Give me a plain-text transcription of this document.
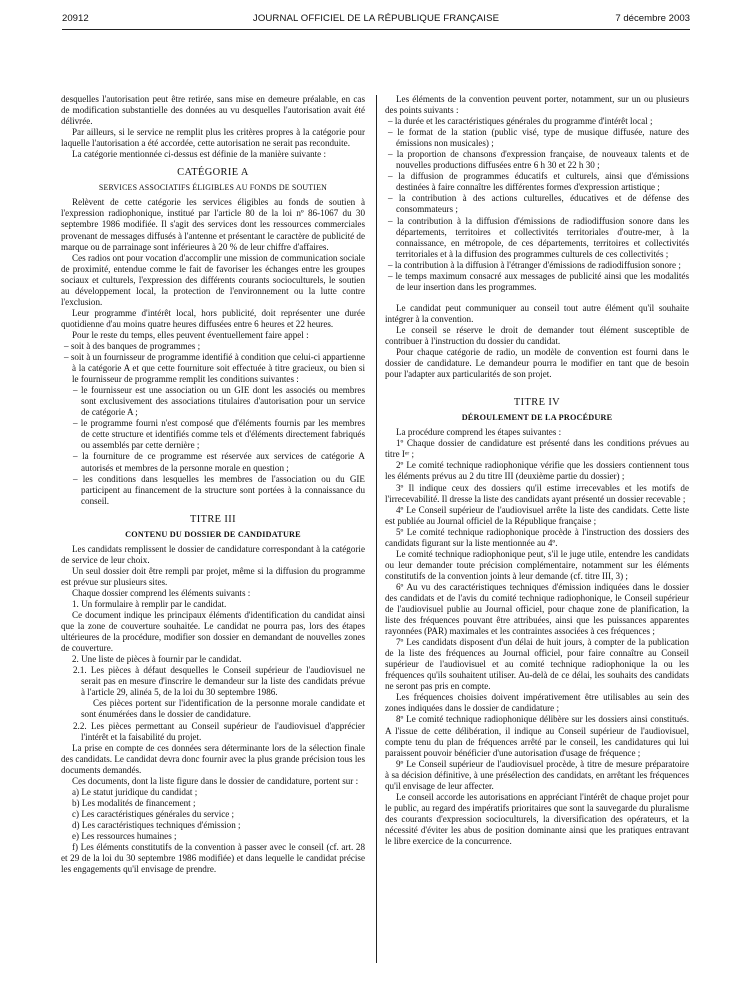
JOURNAL OFFICIEL DE LA RÉPUBLIQUE FRANÇAISE
20912	7 décembre 2003

desquelles l'autorisation peut être retirée, sans mise en demeure préalable, en cas de modification substantielle des données au vu desquelles l'autorisation avait été délivrée.

Par ailleurs, si le service ne remplit plus les critères propres à la catégorie pour laquelle l'autorisation a été accordée, cette autorisation ne serait pas reconduite.

La catégorie mentionnée ci-dessus est définie de la manière suivante :

CATÉGORIE A
SERVICES ASSOCIATIFS ÉLIGIBLES AU FONDS DE SOUTIEN

Relèvent de cette catégorie les services éligibles au fonds de soutien à l'expression radiophonique, institué par l'article 80 de la loi nº 86-1067 du 30 septembre 1986 modifiée. Il s'agit des services dont les ressources commerciales provenant de messages diffusés à l'antenne et présentant le caractère de publicité de marque ou de parrainage sont inférieures à 20 % de leur chiffre d'affaires.

Ces radios ont pour vocation d'accomplir une mission de communication sociale de proximité, entendue comme le fait de favoriser les échanges entre les groupes sociaux et culturels, l'expression des différents courants socioculturels, le soutien au développement local, la protection de l'environnement ou la lutte contre l'exclusion.

Leur programme d'intérêt local, hors publicité, doit représenter une durée quotidienne d'au moins quatre heures diffusées entre 6 heures et 22 heures.

Pour le reste du temps, elles peuvent éventuellement faire appel :

– soit à des banques de programmes ;

– soit à un fournisseur de programme identifié à condition que celui-ci appartienne à la catégorie A et que cette fourniture soit effectuée à titre gracieux, ou bien si le fournisseur de programme remplit les conditions suivantes :

– le fournisseur est une association ou un GIE dont les associés ou membres sont exclusivement des associations titulaires d'autorisation pour un service de catégorie A ;

– le programme fourni n'est composé que d'éléments fournis par les membres de cette structure et identifiés comme tels et d'éléments directement fabriqués ou assemblés par cette dernière ;

– la fourniture de ce programme est réservée aux services de catégorie A autorisés et membres de la personne morale en question ;

– les conditions dans lesquelles les membres de l'association ou du GIE participent au financement de la structure sont portées à la connaissance du conseil.

TITRE III
CONTENU DU DOSSIER DE CANDIDATURE

Les candidats remplissent le dossier de candidature correspondant à la catégorie de service de leur choix.

Un seul dossier doit être rempli par projet, même si la diffusion du programme est prévue sur plusieurs sites.

Chaque dossier comprend les éléments suivants :

1. Un formulaire à remplir par le candidat.

Ce document indique les principaux éléments d'identification du candidat ainsi que la zone de couverture souhaitée. Le candidat ne pourra pas, lors des étapes ultérieures de la procédure, modifier son dossier en demandant de nouvelles zones de couverture.

2. Une liste de pièces à fournir par le candidat.

2.1. Les pièces à défaut desquelles le Conseil supérieur de l'audiovisuel ne serait pas en mesure d'inscrire le demandeur sur la liste des candidats prévue à l'article 29, alinéa 5, de la loi du 30 septembre 1986.

Ces pièces portent sur l'identification de la personne morale candidate et sont énumérées dans le dossier de candidature.

2.2. Les pièces permettant au Conseil supérieur de l'audiovisuel d'apprécier l'intérêt et la faisabilité du projet.

La prise en compte de ces données sera déterminante lors de la sélection finale des candidats. Le candidat devra donc fournir avec la plus grande précision tous les documents demandés.

Ces documents, dont la liste figure dans le dossier de candidature, portent sur :

a) Le statut juridique du candidat ;

b) Les modalités de financement ;

c) Les caractéristiques générales du service ;

d) Les caractéristiques techniques d'émission ;

e) Les ressources humaines ;

f) Les éléments constitutifs de la convention à passer avec le conseil (cf. art. 28 et 29 de la loi du 30 septembre 1986 modifiée) et dans lequelle le candidat précise les engagements qu'il envisage de prendre.

Les éléments de la convention peuvent porter, notamment, sur un ou plusieurs des points suivants :

– la durée et les caractéristiques générales du programme d'intérêt local ;

– le format de la station (public visé, type de musique diffusée, nature des émissions non musicales) ;

– la proportion de chansons d'expression française, de nouveaux talents et de nouvelles productions diffusées entre 6 h 30 et 22 h 30 ;

– la diffusion de programmes éducatifs et culturels, ainsi que d'émissions destinées à faire connaître les différentes formes d'expression artistique ;

– la contribution à des actions culturelles, éducatives et de défense des consommateurs ;

– la contribution à la diffusion d'émissions de radiodiffusion sonore dans les départements, territoires et collectivités territoriales d'outre-mer, à la connaissance, en métropole, de ces départements, territoires et collectivités territoriales et à la diffusion des programmes culturels de ces collectivités ;

– la contribution à la diffusion à l'étranger d'émissions de radiodiffusion sonore ;

– le temps maximum consacré aux messages de publicité ainsi que les modalités de leur insertion dans les programmes.

Le candidat peut communiquer au conseil tout autre élément qu'il souhaite intégrer à la convention.

Le conseil se réserve le droit de demander tout élément susceptible de contribuer à l'instruction du dossier du candidat.

Pour chaque catégorie de radio, un modèle de convention est fourni dans le dossier de candidature. Le demandeur pourra le modifier en tant que de besoin pour l'adapter aux particularités de son projet.

TITRE IV
DÉROULEMENT DE LA PROCÉDURE

La procédure comprend les étapes suivantes :

1º Chaque dossier de candidature est présenté dans les conditions prévues au titre Iᵉʳ ;

2º Le comité technique radiophonique vérifie que les dossiers contiennent tous les éléments prévus au 2 du titre III (deuxième partie du dossier) ;

3º Il indique ceux des dossiers qu'il estime irrecevables et les motifs de l'irrecevabilité. Il dresse la liste des candidats ayant présenté un dossier recevable ;

4º Le Conseil supérieur de l'audiovisuel arrête la liste des candidats. Cette liste est publiée au Journal officiel de la République française ;

5º Le comité technique radiophonique procède à l'instruction des dossiers des candidats figurant sur la liste mentionnée au 4º.

Le comité technique radiophonique peut, s'il le juge utile, entendre les candidats ou leur demander toute précision complémentaire, notamment sur les éléments constitutifs de la convention joints à leur demande (cf. titre III, 3) ;

6º Au vu des caractéristiques techniques d'émission indiquées dans le dossier des candidats et de l'avis du comité technique radiophonique, le Conseil supérieur de l'audiovisuel publie au Journal officiel, pour chaque zone de planification, la liste des fréquences pouvant être attribuées, ainsi que les puissances apparentes rayonnées (PAR) maximales et les contraintes associées à ces fréquences ;

7º Les candidats disposent d'un délai de huit jours, à compter de la publication de la liste des fréquences au Journal officiel, pour faire connaître au Conseil supérieur de l'audiovisuel et au comité technique radiophonique la ou les fréquences qu'ils souhaitent utiliser. Au-delà de ce délai, les souhaits des candidats ne seront pas pris en compte.

Les fréquences choisies doivent impérativement être utilisables au sein des zones indiquées dans le dossier de candidature ;

8º Le comité technique radiophonique délibère sur les dossiers ainsi constitués. A l'issue de cette délibération, il indique au Conseil supérieur de l'audiovisuel, compte tenu du plan de fréquences arrêté par le conseil, les candidatures qui lui paraissent pouvoir bénéficier d'une autorisation d'usage de fréquence ;

9º Le Conseil supérieur de l'audiovisuel procède, à titre de mesure préparatoire à sa décision définitive, à une présélection des candidats, en arrêtant les fréquences qu'il envisage de leur affecter.

Le conseil accorde les autorisations en appréciant l'intérêt de chaque projet pour le public, au regard des impératifs prioritaires que sont la sauvegarde du pluralisme des courants d'expression socioculturels, la diversification des opérateurs, et la nécessité d'éviter les abus de position dominante ainsi que les pratiques entravant le libre exercice de la concurrence.
